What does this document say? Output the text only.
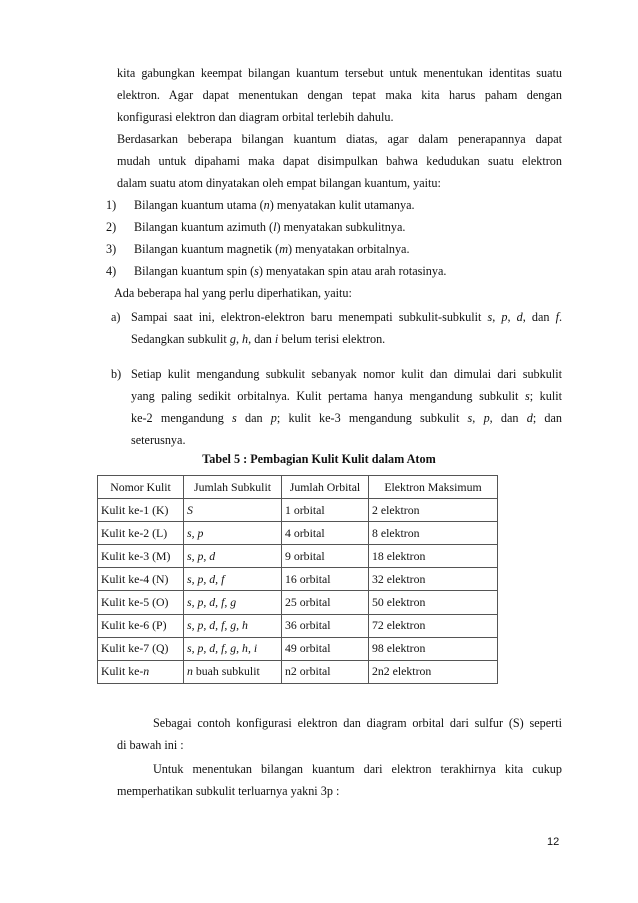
kita gabungkan keempat bilangan kuantum tersebut untuk menentukan identitas suatu
elektron. Agar dapat menentukan dengan tepat maka kita harus paham dengan
konfigurasi elektron dan diagram orbital terlebih dahulu.
Berdasarkan beberapa bilangan kuantum diatas, agar dalam penerapannya dapat
mudah untuk dipahami maka dapat disimpulkan bahwa kedudukan suatu elektron
dalam suatu atom dinyatakan oleh empat bilangan kuantum, yaitu:
1) Bilangan kuantum utama (n) menyatakan kulit utamanya.
2) Bilangan kuantum azimuth (l) menyatakan subkulitnya.
3) Bilangan kuantum magnetik (m) menyatakan orbitalnya.
4) Bilangan kuantum spin (s) menyatakan spin atau arah rotasinya.
Ada beberapa hal yang perlu diperhatikan, yaitu:
a) Sampai saat ini, elektron-elektron baru menempati subkulit-subkulit s, p, d, dan f.
Sedangkan subkulit g, h, dan i belum terisi elektron.
b) Setiap kulit mengandung subkulit sebanyak nomor kulit dan dimulai dari subkulit
yang paling sedikit orbitalnya. Kulit pertama hanya mengandung subkulit s; kulit
ke-2 mengandung s dan p; kulit ke-3 mengandung subkulit s, p, dan d; dan
seterusnya.
Tabel 5 : Pembagian Kulit Kulit dalam Atom
Nomor Kulit	Jumlah Subkulit	Jumlah Orbital	Elektron Maksimum
Kulit ke-1 (K)	S	1 orbital	2 elektron
Kulit ke-2 (L)	s, p	4 orbital	8 elektron
Kulit ke-3 (M)	s, p, d	9 orbital	18 elektron
Kulit ke-4 (N)	s, p, d, f	16 orbital	32 elektron
Kulit ke-5 (O)	s, p, d, f, g	25 orbital	50 elektron
Kulit ke-6 (P)	s, p, d, f, g, h	36 orbital	72 elektron
Kulit ke-7 (Q)	s, p, d, f, g, h, i	49 orbital	98 elektron
Kulit ke-n	n buah subkulit	n2 orbital	2n2 elektron
Sebagai contoh konfigurasi elektron dan diagram orbital dari sulfur (S) seperti
di bawah ini :
Untuk menentukan bilangan kuantum dari elektron terakhirnya kita cukup
memperhatikan subkulit terluarnya yakni 3p :
12
